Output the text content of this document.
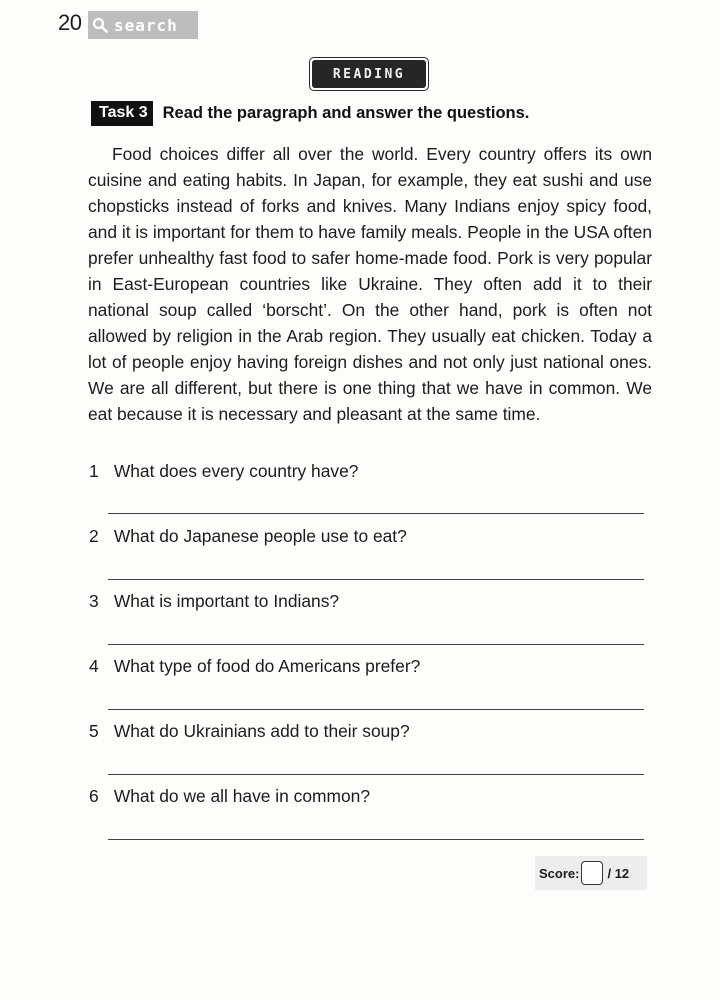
20 search
READING
Task 3 Read the paragraph and answer the questions.
Food choices differ all over the world. Every country offers its own cuisine and eating habits. In Japan, for example, they eat sushi and use chopsticks instead of forks and knives. Many Indians enjoy spicy food, and it is important for them to have family meals. People in the USA often prefer unhealthy fast food to safer home-made food. Pork is very popular in East-European countries like Ukraine. They often add it to their national soup called ‘borscht’. On the other hand, pork is often not allowed by religion in the Arab region. They usually eat chicken. Today a lot of people enjoy having foreign dishes and not only just national ones. We are all different, but there is one thing that we have in common. We eat because it is necessary and pleasant at the same time.
1 What does every country have?
2 What do Japanese people use to eat?
3 What is important to Indians?
4 What type of food do Americans prefer?
5 What do Ukrainians add to their soup?
6 What do we all have in common?
Score: / 12
